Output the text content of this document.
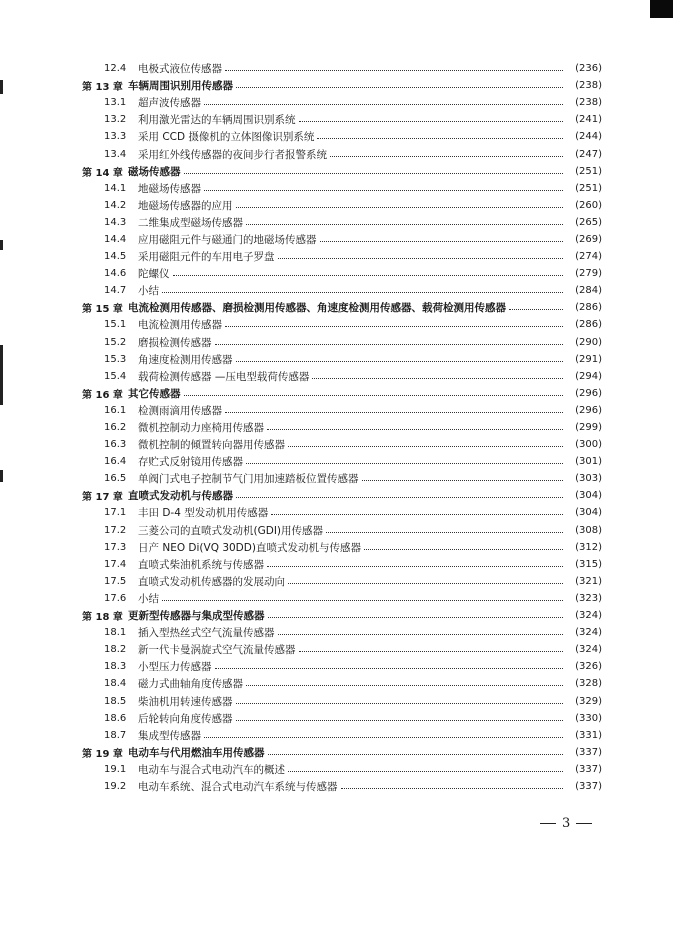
12.4	电极式液位传感器	(236)
第 13 章 车辆周围识别用传感器	(238)
13.1	超声波传感器	(238)
13.2	利用激光雷达的车辆周围识别系统	(241)
13.3	采用 CCD 摄像机的立体图像识别系统	(244)
13.4	采用红外线传感器的夜间步行者报警系统	(247)
第 14 章 磁场传感器	(251)
14.1	地磁场传感器	(251)
14.2	地磁场传感器的应用	(260)
14.3	二维集成型磁场传感器	(265)
14.4	应用磁阻元件与磁通门的地磁场传感器	(269)
14.5	采用磁阻元件的车用电子罗盘	(274)
14.6	陀螺仪	(279)
14.7	小结	(284)
第 15 章 电流检测用传感器、磨损检测用传感器、角速度检测用传感器、载荷检测用传感器	(286)
15.1	电流检测用传感器	(286)
15.2	磨损检测传感器	(290)
15.3	角速度检测用传感器	(291)
15.4	载荷检测传感器 —压电型载荷传感器	(294)
第 16 章 其它传感器	(296)
16.1	检测雨滴用传感器	(296)
16.2	微机控制动力座椅用传感器	(299)
16.3	微机控制的倾置转向器用传感器	(300)
16.4	存贮式反射镜用传感器	(301)
16.5	单阀门式电子控制节气门用加速踏板位置传感器	(303)
第 17 章 直喷式发动机与传感器	(304)
17.1	丰田 D-4 型发动机用传感器	(304)
17.2	三菱公司的直喷式发动机(GDI)用传感器	(308)
17.3	日产 NEO Di(VQ 30DD)直喷式发动机与传感器	(312)
17.4	直喷式柴油机系统与传感器	(315)
17.5	直喷式发动机传感器的发展动向	(321)
17.6	小结	(323)
第 18 章 更新型传感器与集成型传感器	(324)
18.1	插入型热丝式空气流量传感器	(324)
18.2	新一代卡曼涡旋式空气流量传感器	(324)
18.3	小型压力传感器	(326)
18.4	磁力式曲轴角度传感器	(328)
18.5	柴油机用转速传感器	(329)
18.6	后轮转向角度传感器	(330)
18.7	集成型传感器	(331)
第 19 章 电动车与代用燃油车用传感器	(337)
19.1	电动车与混合式电动汽车的概述	(337)
19.2	电动车系统、混合式电动汽车系统与传感器	(337)
3
